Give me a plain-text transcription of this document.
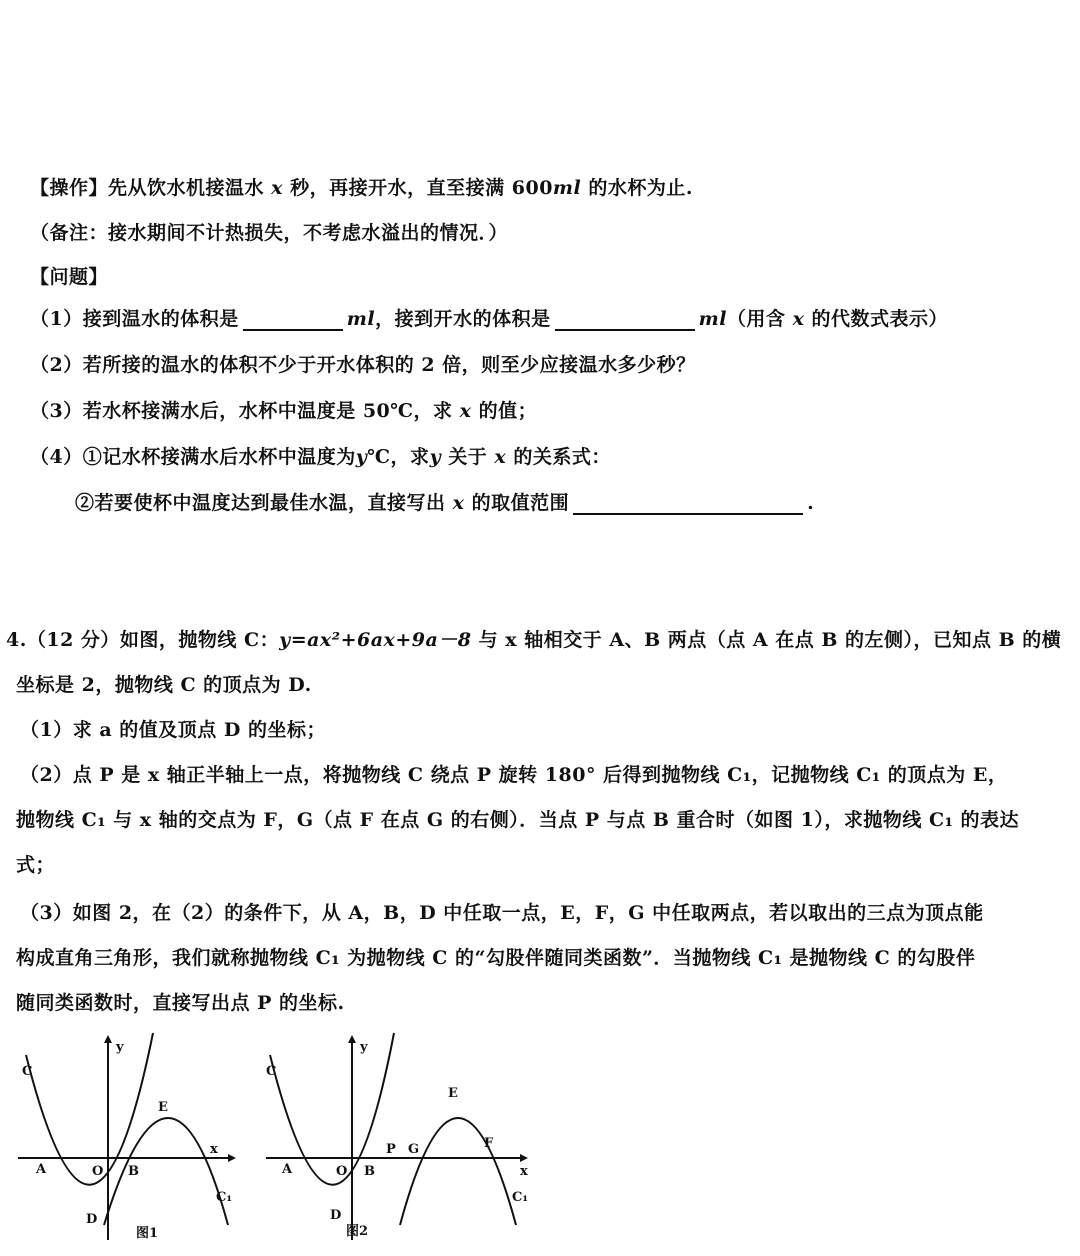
【操作】先从饮水机接温水 x 秒，再接开水，直至接满 600ml 的水杯为止.
（备注：接水期间不计热损失，不考虑水溢出的情况．）
【问题】
（1）接到温水的体积是	ml，接到开水的体积是	ml（用含 x 的代数式表示）
（2）若所接的温水的体积不少于开水体积的 2 倍，则至少应接温水多少秒？
（3）若水杯接满水后，水杯中温度是 50℃，求 x 的值；
（4）①记水杯接满水后水杯中温度为y℃，求y 关于 x 的关系式：
②若要使杯中温度达到最佳水温，直接写出 x 的取值范围	.
4.（12 分）如图，抛物线 C：y=ax²+6ax+9a－8 与 x 轴相交于 A、B 两点（点 A 在点 B 的左侧），已知点 B 的横
坐标是 2，抛物线 C 的顶点为 D.
（1）求 a 的值及顶点 D 的坐标；
（2）点 P 是 x 轴正半轴上一点，将抛物线 C 绕点 P 旋转 180° 后得到抛物线 C₁，记抛物线 C₁ 的顶点为 E，
抛物线 C₁ 与 x 轴的交点为 F，G（点 F 在点 G 的右侧）．当点 P 与点 B 重合时（如图 1），求抛物线 C₁ 的表达
式；
（3）如图 2，在（2）的条件下，从 A，B，D 中任取一点，E，F，G 中任取两点，若以取出的三点为顶点能
构成直角三角形，我们就称抛物线 C₁ 为抛物线 C 的“勾股伴随同类函数”．当抛物线 C₁ 是抛物线 C 的勾股伴
随同类函数时，直接写出点 P 的坐标.
C
y
E
A	O B
x
D
C₁
图1
C
y
E
A	O B
P G	F
x
D
C₁
图2
